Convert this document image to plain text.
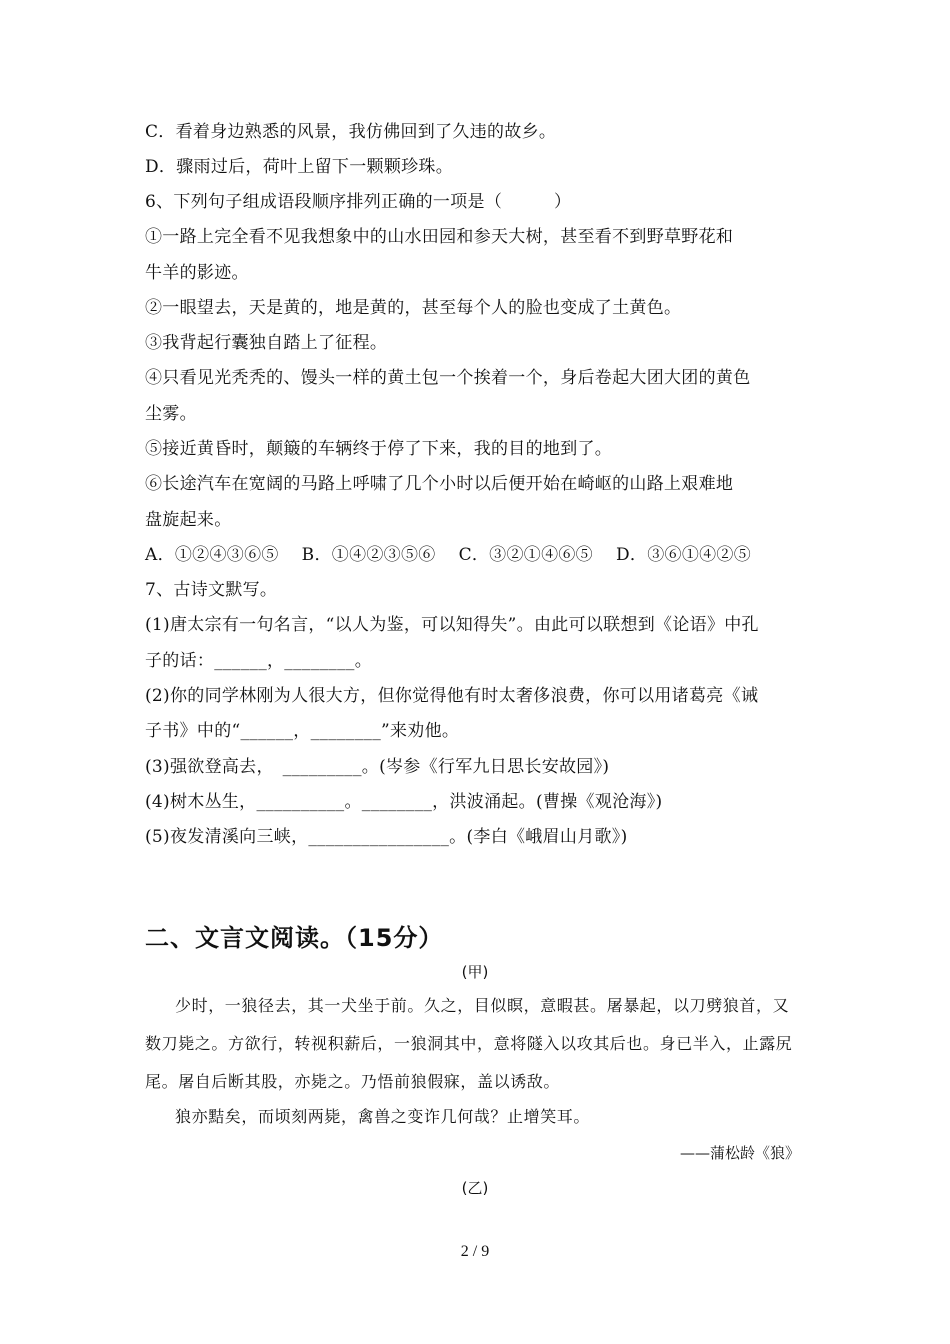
C．看着身边熟悉的风景，我仿佛回到了久违的故乡。
D．骤雨过后，荷叶上留下一颗颗珍珠。
6、下列句子组成语段顺序排列正确的一项是（　　　）
①一路上完全看不见我想象中的山水田园和参天大树，甚至看不到野草野花和
牛羊的影迹。
②一眼望去，天是黄的，地是黄的，甚至每个人的脸也变成了土黄色。
③我背起行囊独自踏上了征程。
④只看见光秃秃的、馒头一样的黄土包一个挨着一个，身后卷起大团大团的黄色
尘雾。
⑤接近黄昏时，颠簸的车辆终于停了下来，我的目的地到了。
⑥长途汽车在宽阔的马路上呼啸了几个小时以后便开始在崎岖的山路上艰难地
盘旋起来。
A．①②④③⑥⑤　 B．①④②③⑤⑥　 C．③②①④⑥⑤　 D．③⑥①④②⑤
7、古诗文默写。
(1)唐太宗有一句名言，“以人为鉴，可以知得失”。由此可以联想到《论语》中孔
子的话：______，________。
(2)你的同学林刚为人很大方，但你觉得他有时太奢侈浪费，你可以用诸葛亮《诫
子书》中的“______，________”来劝他。
(3)强欲登高去，　_________。(岑参《行军九日思长安故园》)
(4)树木丛生，__________。________，洪波涌起。(曹操《观沧海》)
(5)夜发清溪向三峡，________________。(李白《峨眉山月歌》)
二、文言文阅读。（15分）
(甲)
少时，一狼径去，其一犬坐于前。久之，目似瞑，意暇甚。屠暴起，以刀劈狼首，又
数刀毙之。方欲行，转视积薪后，一狼洞其中，意将隧入以攻其后也。身已半入，止露尻
尾。屠自后断其股，亦毙之。乃悟前狼假寐，盖以诱敌。
狼亦黠矣，而顷刻两毙，禽兽之变诈几何哉？止增笑耳。
——蒲松龄《狼》
(乙)
2 / 9
